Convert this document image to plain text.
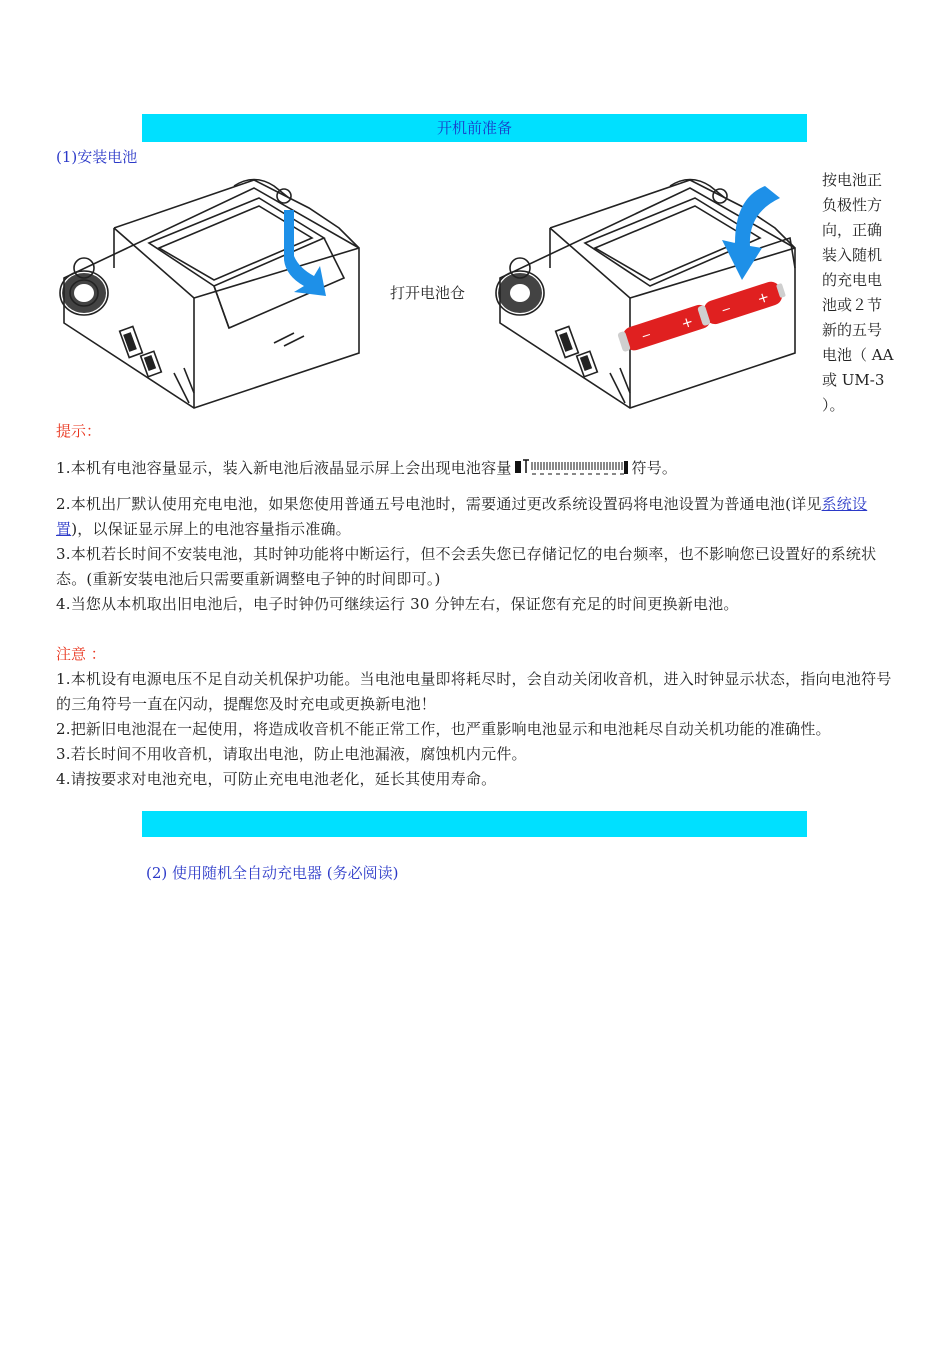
开机前准备
(1)安装电池
打开电池仓
−
+
−
+
按电池正负极性方向，正确装入随机的充电电池或２节新的五号电池（ AA 或 UM-3 ）。
提示：
1.本机有电池容量显示，装入新电池后液晶显示屏上会出现电池容量	符号。
2.本机出厂默认使用充电电池，如果您使用普通五号电池时，需要通过更改系统设置码将电池设置为普通电池(详见系统设置)，以保证显示屏上的电池容量指示准确。
3.本机若长时间不安装电池，其时钟功能将中断运行，但不会丢失您已存储记忆的电台频率，也不影响您已设置好的系统状态。(重新安装电池后只需要重新调整电子钟的时间即可。)
4.当您从本机取出旧电池后，电子时钟仍可继续运行 30 分钟左右，保证您有充足的时间更换新电池。
注意 ：
1.本机设有电源电压不足自动关机保护功能。当电池电量即将耗尽时，会自动关闭收音机，进入时钟显示状态，指向电池符号的三角符号一直在闪动，提醒您及时充电或更换新电池！
2.把新旧电池混在一起使用，将造成收音机不能正常工作，也严重影响电池显示和电池耗尽自动关机功能的准确性。
3.若长时间不用收音机，请取出电池，防止电池漏液，腐蚀机内元件。
4.请按要求对电池充电，可防止充电电池老化，延长其使用寿命。
(2) 使用随机全自动充电器 (务必阅读)
